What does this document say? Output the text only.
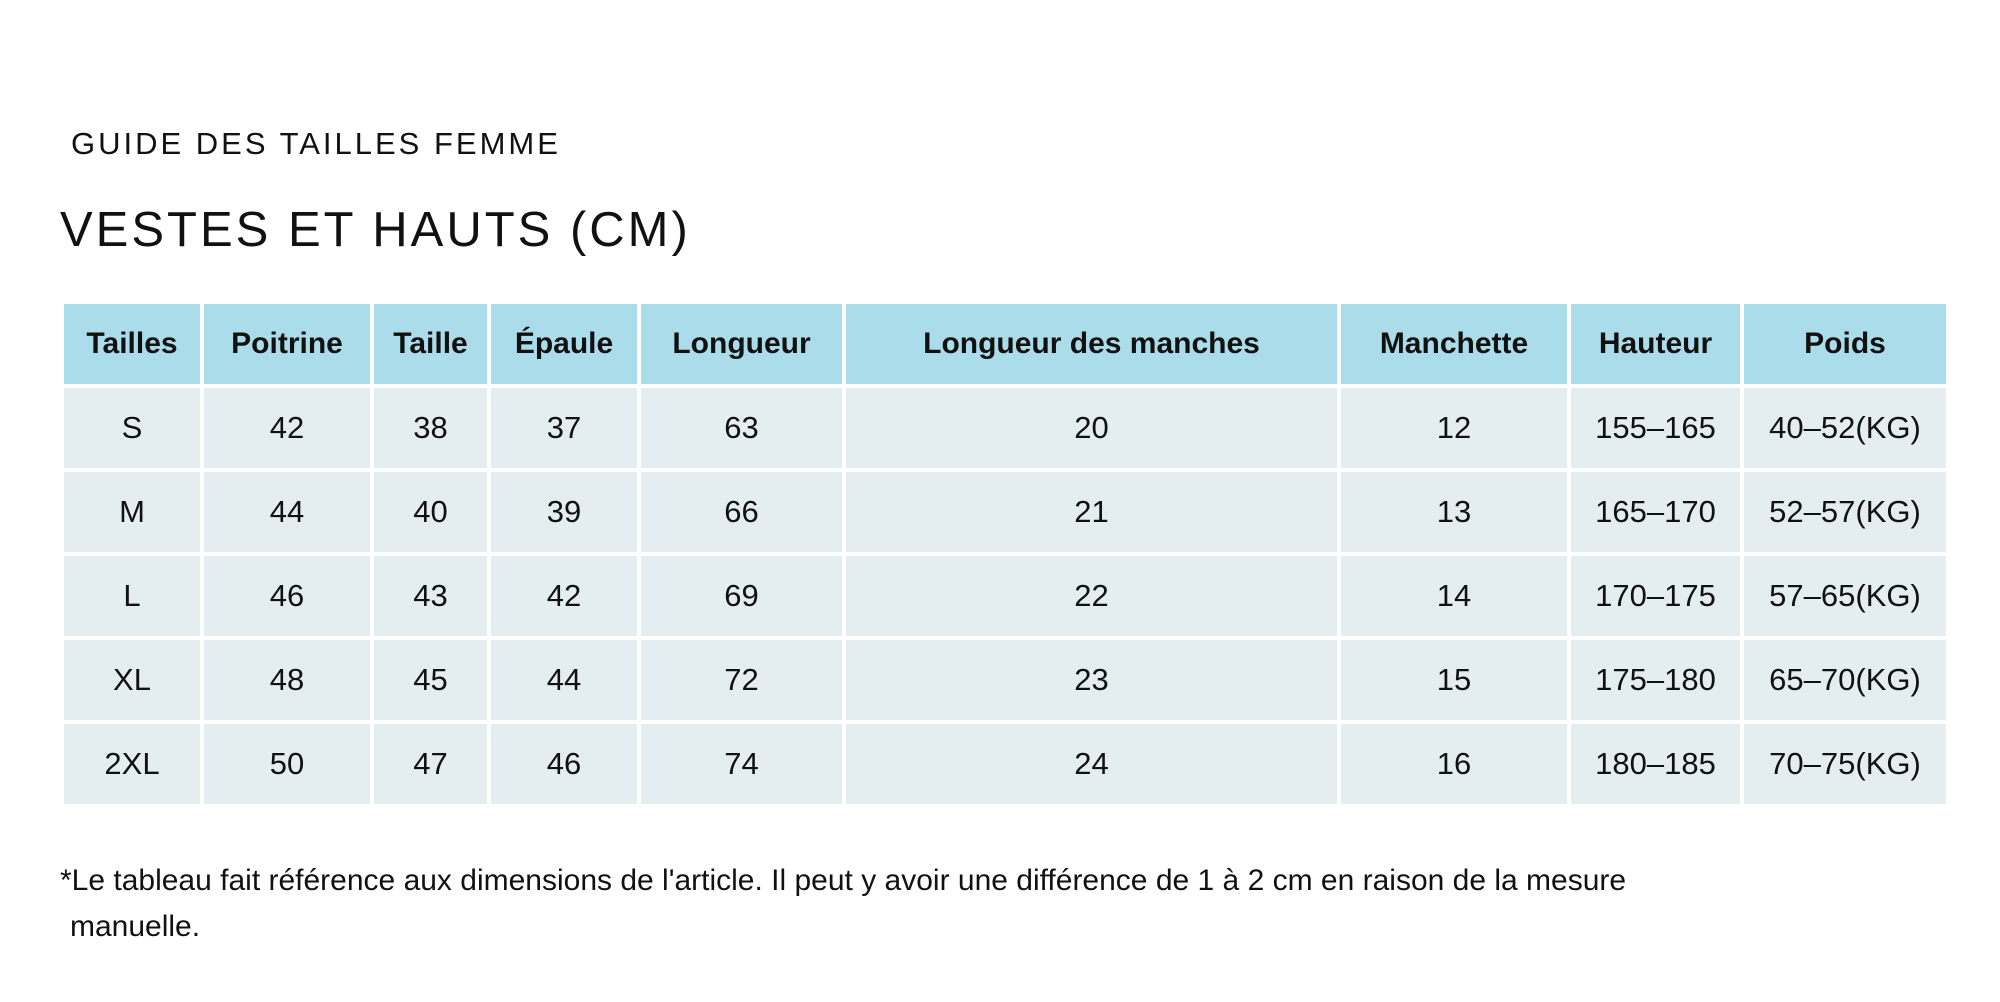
GUIDE DES TAILLES FEMME
VESTES ET HAUTS (CM)
Tailles	Poitrine	Taille	Épaule	Longueur	Longueur des manches	Manchette	Hauteur	Poids
S	42	38	37	63	20	12	155–165	40–52(KG)
M	44	40	39	66	21	13	165–170	52–57(KG)
L	46	43	42	69	22	14	170–175	57–65(KG)
XL	48	45	44	72	23	15	175–180	65–70(KG)
2XL	50	47	46	74	24	16	180–185	70–75(KG)
*Le tableau fait référence aux dimensions de l'article. Il peut y avoir une différence de 1 à 2 cm en raison de la mesure
manuelle.
